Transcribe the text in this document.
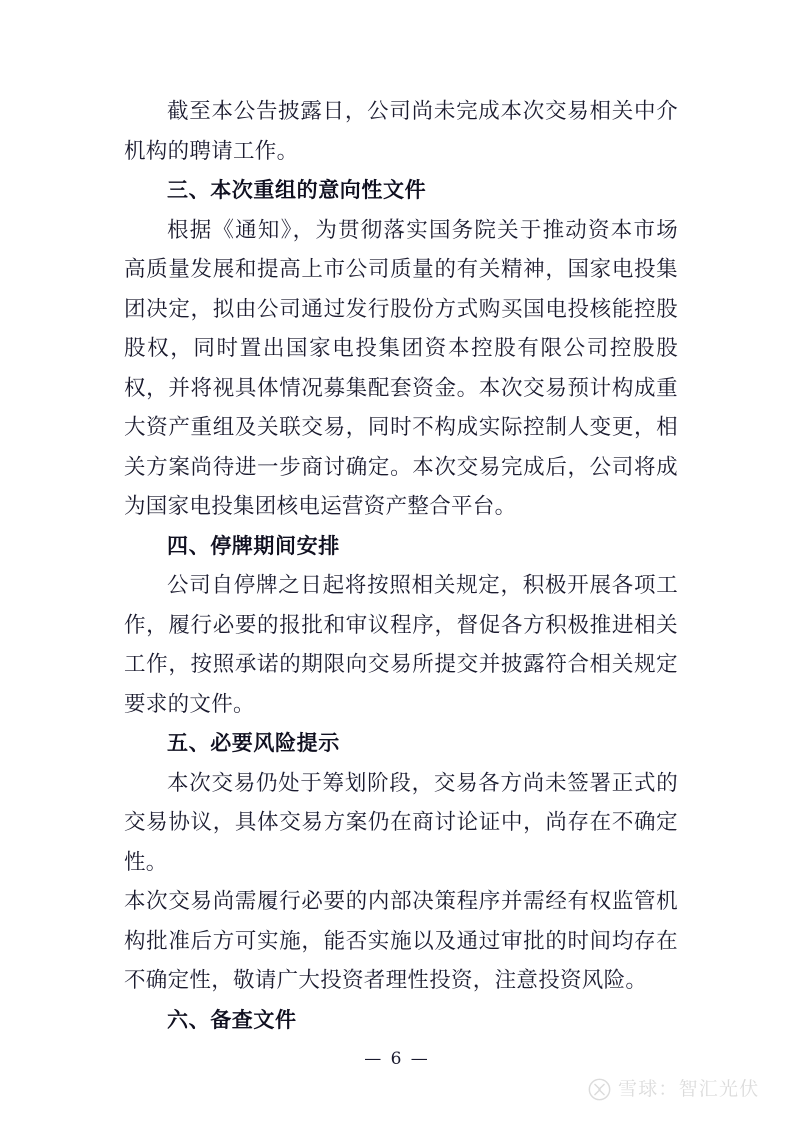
截至本公告披露日，公司尚未完成本次交易相关中介机构的聘请工作。

三、本次重组的意向性文件

根据《通知》，为贯彻落实国务院关于推动资本市场高质量发展和提高上市公司质量的有关精神，国家电投集团决定，拟由公司通过发行股份方式购买国电投核能控股股权，同时置出国家电投集团资本控股有限公司控股股权，并将视具体情况募集配套资金。本次交易预计构成重大资产重组及关联交易，同时不构成实际控制人变更，相关方案尚待进一步商讨确定。本次交易完成后，公司将成为国家电投集团核电运营资产整合平台。

四、停牌期间安排

公司自停牌之日起将按照相关规定，积极开展各项工作，履行必要的报批和审议程序，督促各方积极推进相关工作，按照承诺的期限向交易所提交并披露符合相关规定要求的文件。

五、必要风险提示

本次交易仍处于筹划阶段，交易各方尚未签署正式的交易协议，具体交易方案仍在商讨论证中，尚存在不确定性。

本次交易尚需履行必要的内部决策程序并需经有权监管机构批准后方可实施，能否实施以及通过审批的时间均存在不确定性，敬请广大投资者理性投资，注意投资风险。

六、备查文件

— 6 —
雪球：智汇光伏
